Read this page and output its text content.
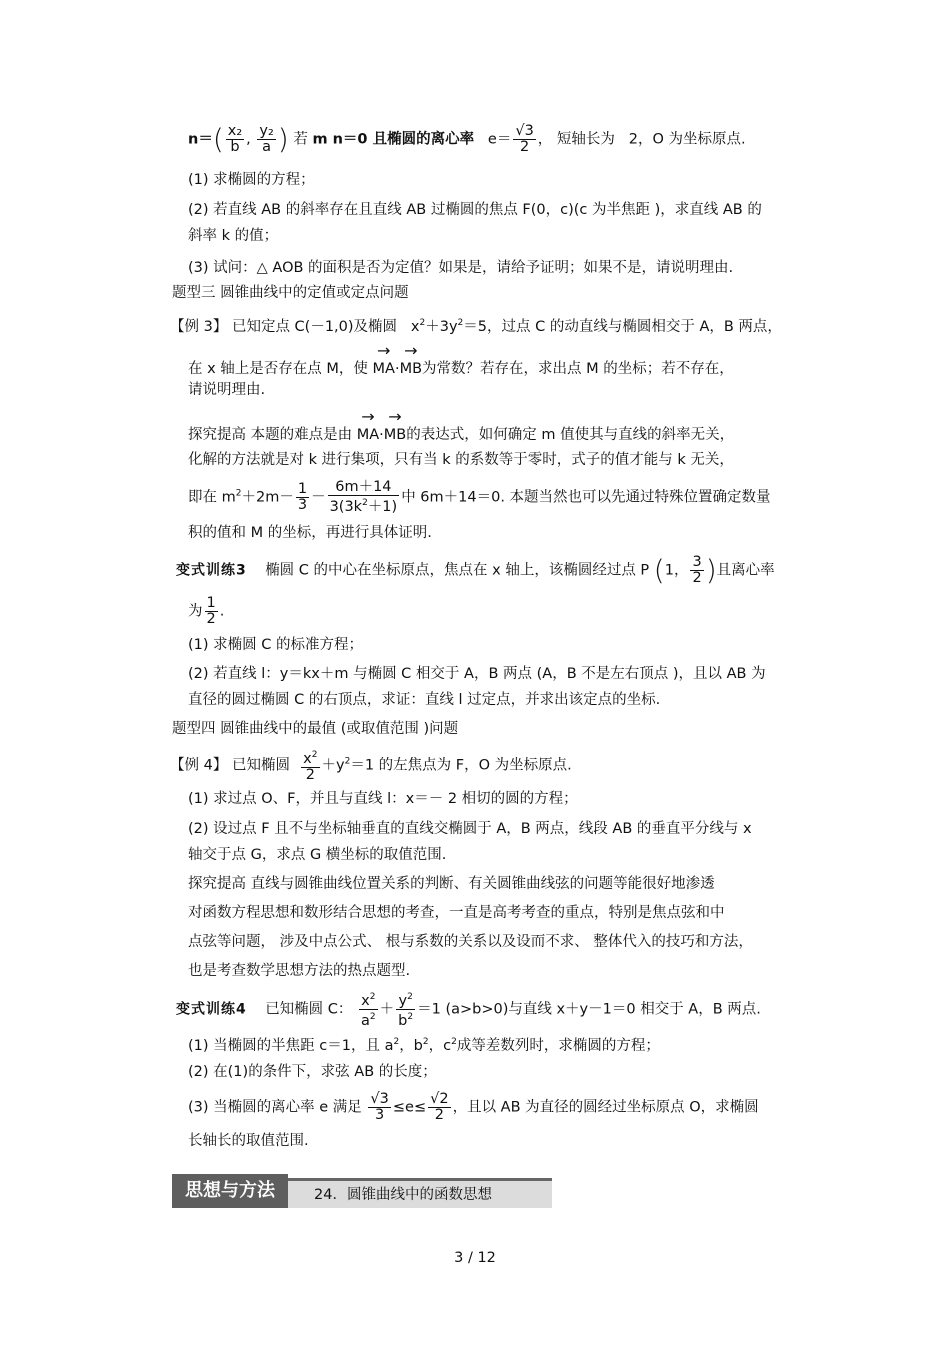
$n=( \frac{\text{x₂}}{b}$ , $\frac{\text{y₂}}{a}$ ) 若 m n＝0 且椭圆的离心率 $e= \frac{√3}{2}$ ， 短轴长为 2，O 为坐标原点.
(1) 求椭圆的方程；
(2) 若直线 AB 的斜率存在且直线 AB 过椭圆的焦点 F(0，c)(c 为半焦距 )，求直线 AB 的
斜率 k 的值；
(3) 试问：△ AOB 的面积是否为定值？如果是，请给予证明；如果不是，请说明理由.
题型三 圆锥曲线中的定值或定点问题
【例 3】 已知定点 C(－1,0)及椭圆 $x^2+3y^2=5$，过点 C 的动直线与椭圆相交于 A，B 两点，
在 x 轴上是否存在点 M，使
→
MA·
→
MB为常数？若存在，求出点 M 的坐标；若不存在，
请说明理由.
探究提高 本题的难点是由
→
MA·
→
MB的表达式，如何确定 m 值使其与直线的斜率无关，
化解的方法就是对 k 进行集项，只有当 k 的系数等于零时，式子的值才能与 k 无关，
即在 $m^2+2m- \frac{1}{3} - \frac{6m+14}{3(3k^2+1)}$ 中 6m＋14＝0. 本题当然也可以先通过特殊位置确定数量
积的值和 M 的坐标，再进行具体证明.
变式训练3 椭圆 C 的中心在坐标原点，焦点在 x 轴上，该椭圆经过点 P (1， $\frac{3}{2}$ )且离心率
为 $\frac{1}{2}$ .
(1) 求椭圆 C 的标准方程；
(2) 若直线 l：y＝kx＋m 与椭圆 C 相交于 A，B 两点 (A，B 不是左右顶点 )，且以 AB 为
直径的圆过椭圆 C 的右顶点，求证：直线 l 过定点，并求出该定点的坐标.
题型四 圆锥曲线中的最值 (或取值范围 )问题
【例 4】 已知椭圆 $\frac{x^2}{2} +y^2=1$ 的左焦点为 F，O 为坐标原点.
(1) 求过点 O、F，并且与直线 l：x＝－ 2 相切的圆的方程；
(2) 设过点 F 且不与坐标轴垂直的直线交椭圆于 A，B 两点，线段 AB 的垂直平分线与 x
轴交于点 G，求点 G 横坐标的取值范围.
探究提高 直线与圆锥曲线位置关系的判断、有关圆锥曲线弦的问题等能很好地渗透
对函数方程思想和数形结合思想的考查，一直是高考考查的重点，特别是焦点弦和中
点弦等问题， 涉及中点公式、 根与系数的关系以及设而不求、 整体代入的技巧和方法，
也是考查数学思想方法的热点题型.
变式训练4 已知椭圆 C： $\frac{x^2}{a^2} + \frac{y^2}{b^2} =1$ (a>b>0)与直线 x＋y－1＝0 相交于 A，B 两点.
(1) 当椭圆的半焦距 c＝1，且 $a^2$，$b^2$，$c^2$成等差数列时，求椭圆的方程；
(2) 在(1)的条件下，求弦 AB 的长度；
(3) 当椭圆的离心率 e 满足 $\frac{√3}{3} \le e\le \frac{√2}{2}$ ，且以 AB 为直径的圆经过坐标原点 O，求椭圆
长轴长的取值范围.
思想与方法	24．圆锥曲线中的函数思想
3 / 12
